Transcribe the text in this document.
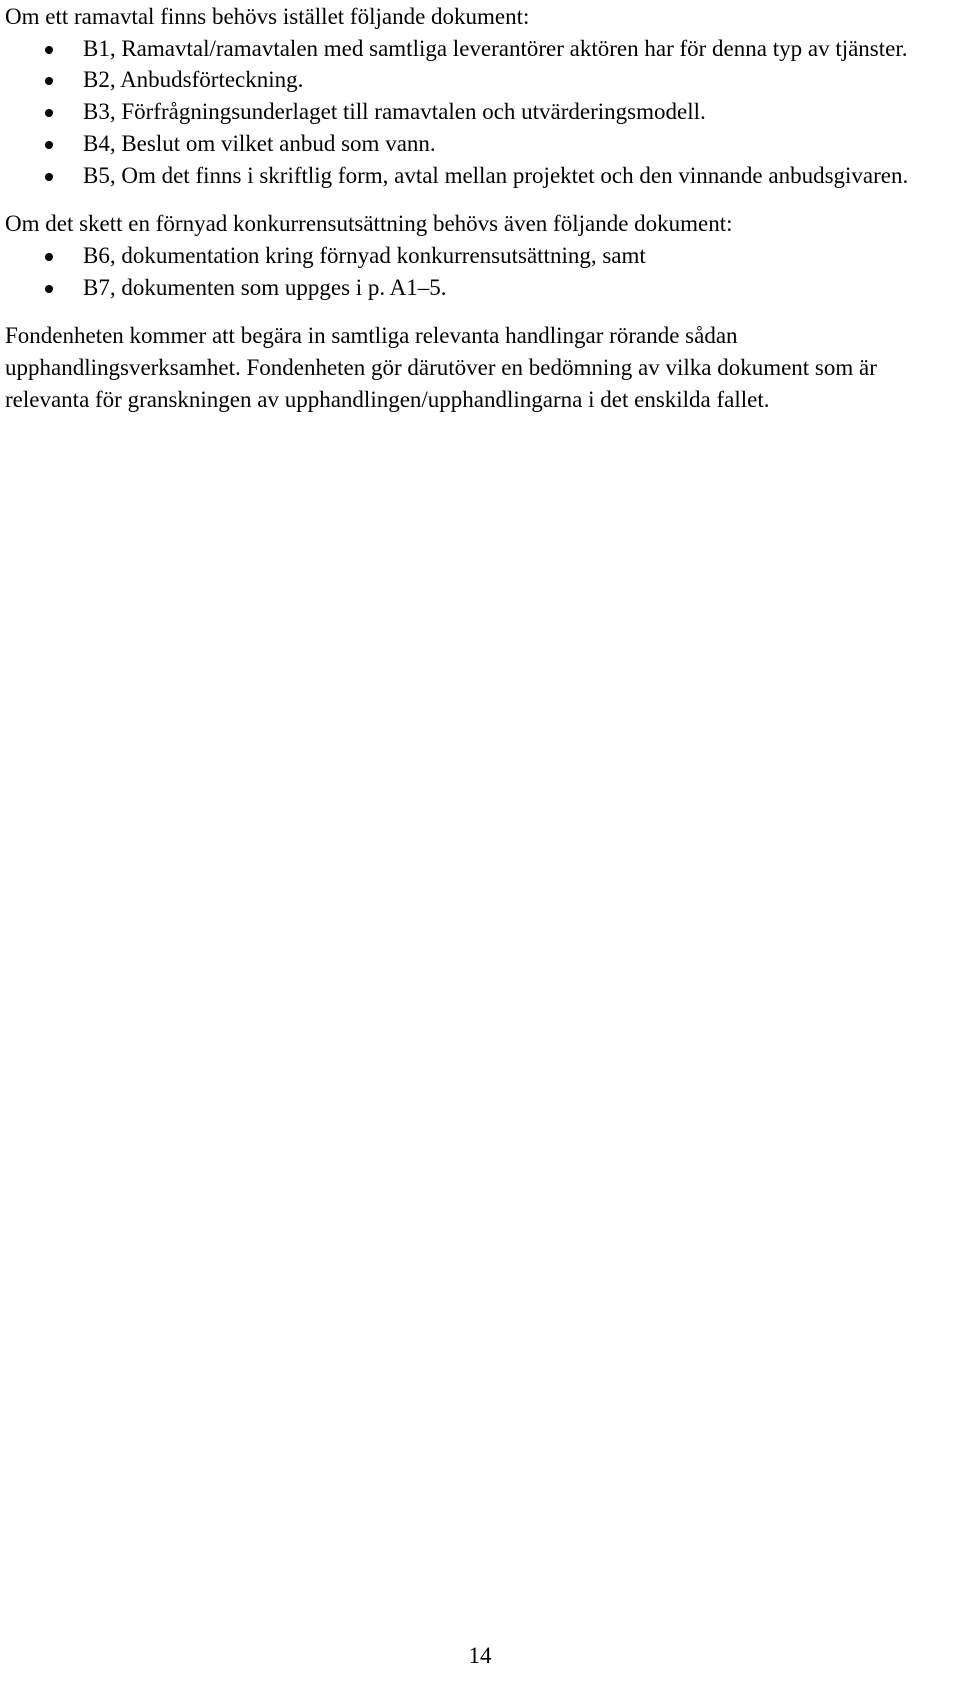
Om ett ramavtal finns behövs istället följande dokument:

B1, Ramavtal/ramavtalen med samtliga leverantörer aktören har för denna typ av tjänster.
B2, Anbudsförteckning.
B3, Förfrågningsunderlaget till ramavtalen och utvärderingsmodell.
B4, Beslut om vilket anbud som vann.
B5, Om det finns i skriftlig form, avtal mellan projektet och den vinnande anbudsgivaren.

Om det skett en förnyad konkurrensutsättning behövs även följande dokument:

B6, dokumentation kring förnyad konkurrensutsättning, samt
B7, dokumenten som uppges i p. A1–5.

Fondenheten kommer att begära in samtliga relevanta handlingar rörande sådan upphandlingsverksamhet. Fondenheten gör därutöver en bedömning av vilka dokument som är relevanta för granskningen av upphandlingen/upphandlingarna i det enskilda fallet.

14
